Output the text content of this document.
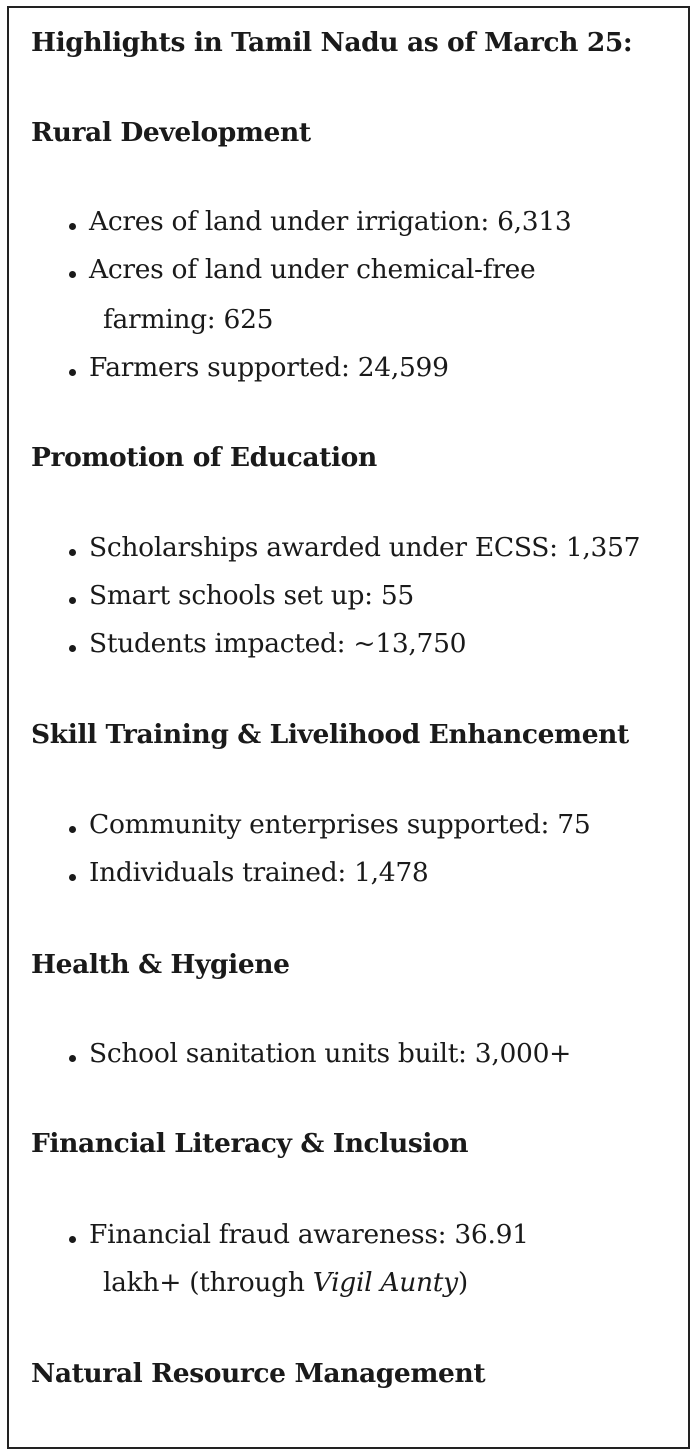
Highlights in Tamil Nadu as of March 25:
Rural Development
Acres of land under irrigation: 6,313
Acres of land under chemical-free
farming: 625
Farmers supported: 24,599
Promotion of Education
Scholarships awarded under ECSS: 1,357
Smart schools set up: 55
Students impacted: ~13,750
Skill Training & Livelihood Enhancement
Community enterprises supported: 75
Individuals trained: 1,478
Health & Hygiene
School sanitation units built: 3,000+
Financial Literacy & Inclusion
Financial fraud awareness: 36.91
lakh+ (through Vigil Aunty)
Natural Resource Management
